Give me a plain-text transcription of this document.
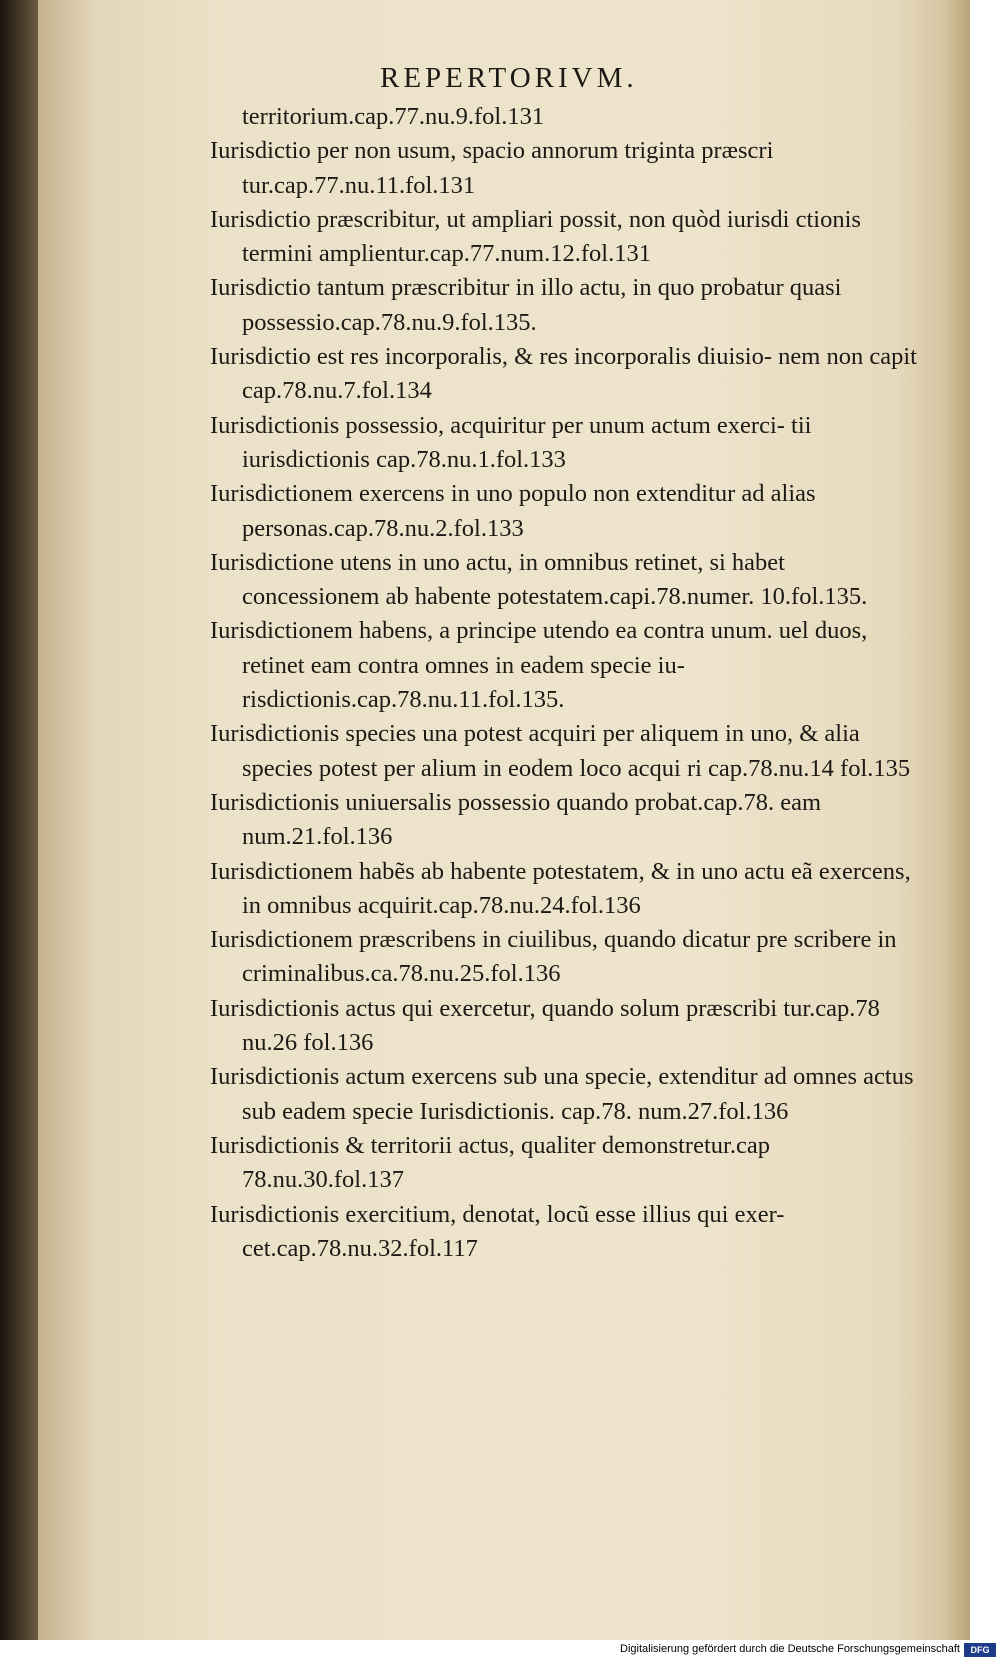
REPERTORIVM.

territorium.cap.77.nu.9.fol.131

Iurisdictio per non usum, spacio annorum triginta præscri tur.cap.77.nu.11.fol.131

Iurisdictio præscribitur, ut ampliari possit, non quòd iurisdi ctionis termini amplientur.cap.77.num.12.fol.131

Iurisdictio tantum præscribitur in illo actu, in quo probatur quasi possessio.cap.78.nu.9.fol.135.

Iurisdictio est res incorporalis, & res incorporalis diuisio- nem non capit cap.78.nu.7.fol.134

Iurisdictionis possessio, acquiritur per unum actum exerci- tii iurisdictionis cap.78.nu.1.fol.133

Iurisdictionem exercens in uno populo non extenditur ad alias personas.cap.78.nu.2.fol.133

Iurisdictione utens in uno actu, in omnibus retinet, si habet concessionem ab habente potestatem.capi.78.numer. 10.fol.135.

Iurisdictionem habens, a principe utendo ea contra unum. uel duos, retinet eam contra omnes in eadem specie iu- risdictionis.cap.78.nu.11.fol.135.

Iurisdictionis species una potest acquiri per aliquem in uno, & alia species potest per alium in eodem loco acqui ri cap.78.nu.14 fol.135

Iurisdictionis uniuersalis possessio quando probat.cap.78. eam num.21.fol.136

Iurisdictionem habẽs ab habente potestatem, & in uno actu eã exercens, in omnibus acquirit.cap.78.nu.24.fol.136

Iurisdictionem præscribens in ciuilibus, quando dicatur pre scribere in criminalibus.ca.78.nu.25.fol.136

Iurisdictionis actus qui exercetur, quando solum præscribi tur.cap.78 nu.26 fol.136

Iurisdictionis actum exercens sub una specie, extenditur ad omnes actus sub eadem specie Iurisdictionis. cap.78. num.27.fol.136

Iurisdictionis & territorii actus, qualiter demonstretur.cap 78.nu.30.fol.137

Iurisdictionis exercitium, denotat, locũ esse illius qui exer- cet.cap.78.nu.32.fol.117

Digitalisierung gefördert durch die Deutsche Forschungsgemeinschaft	DFG
